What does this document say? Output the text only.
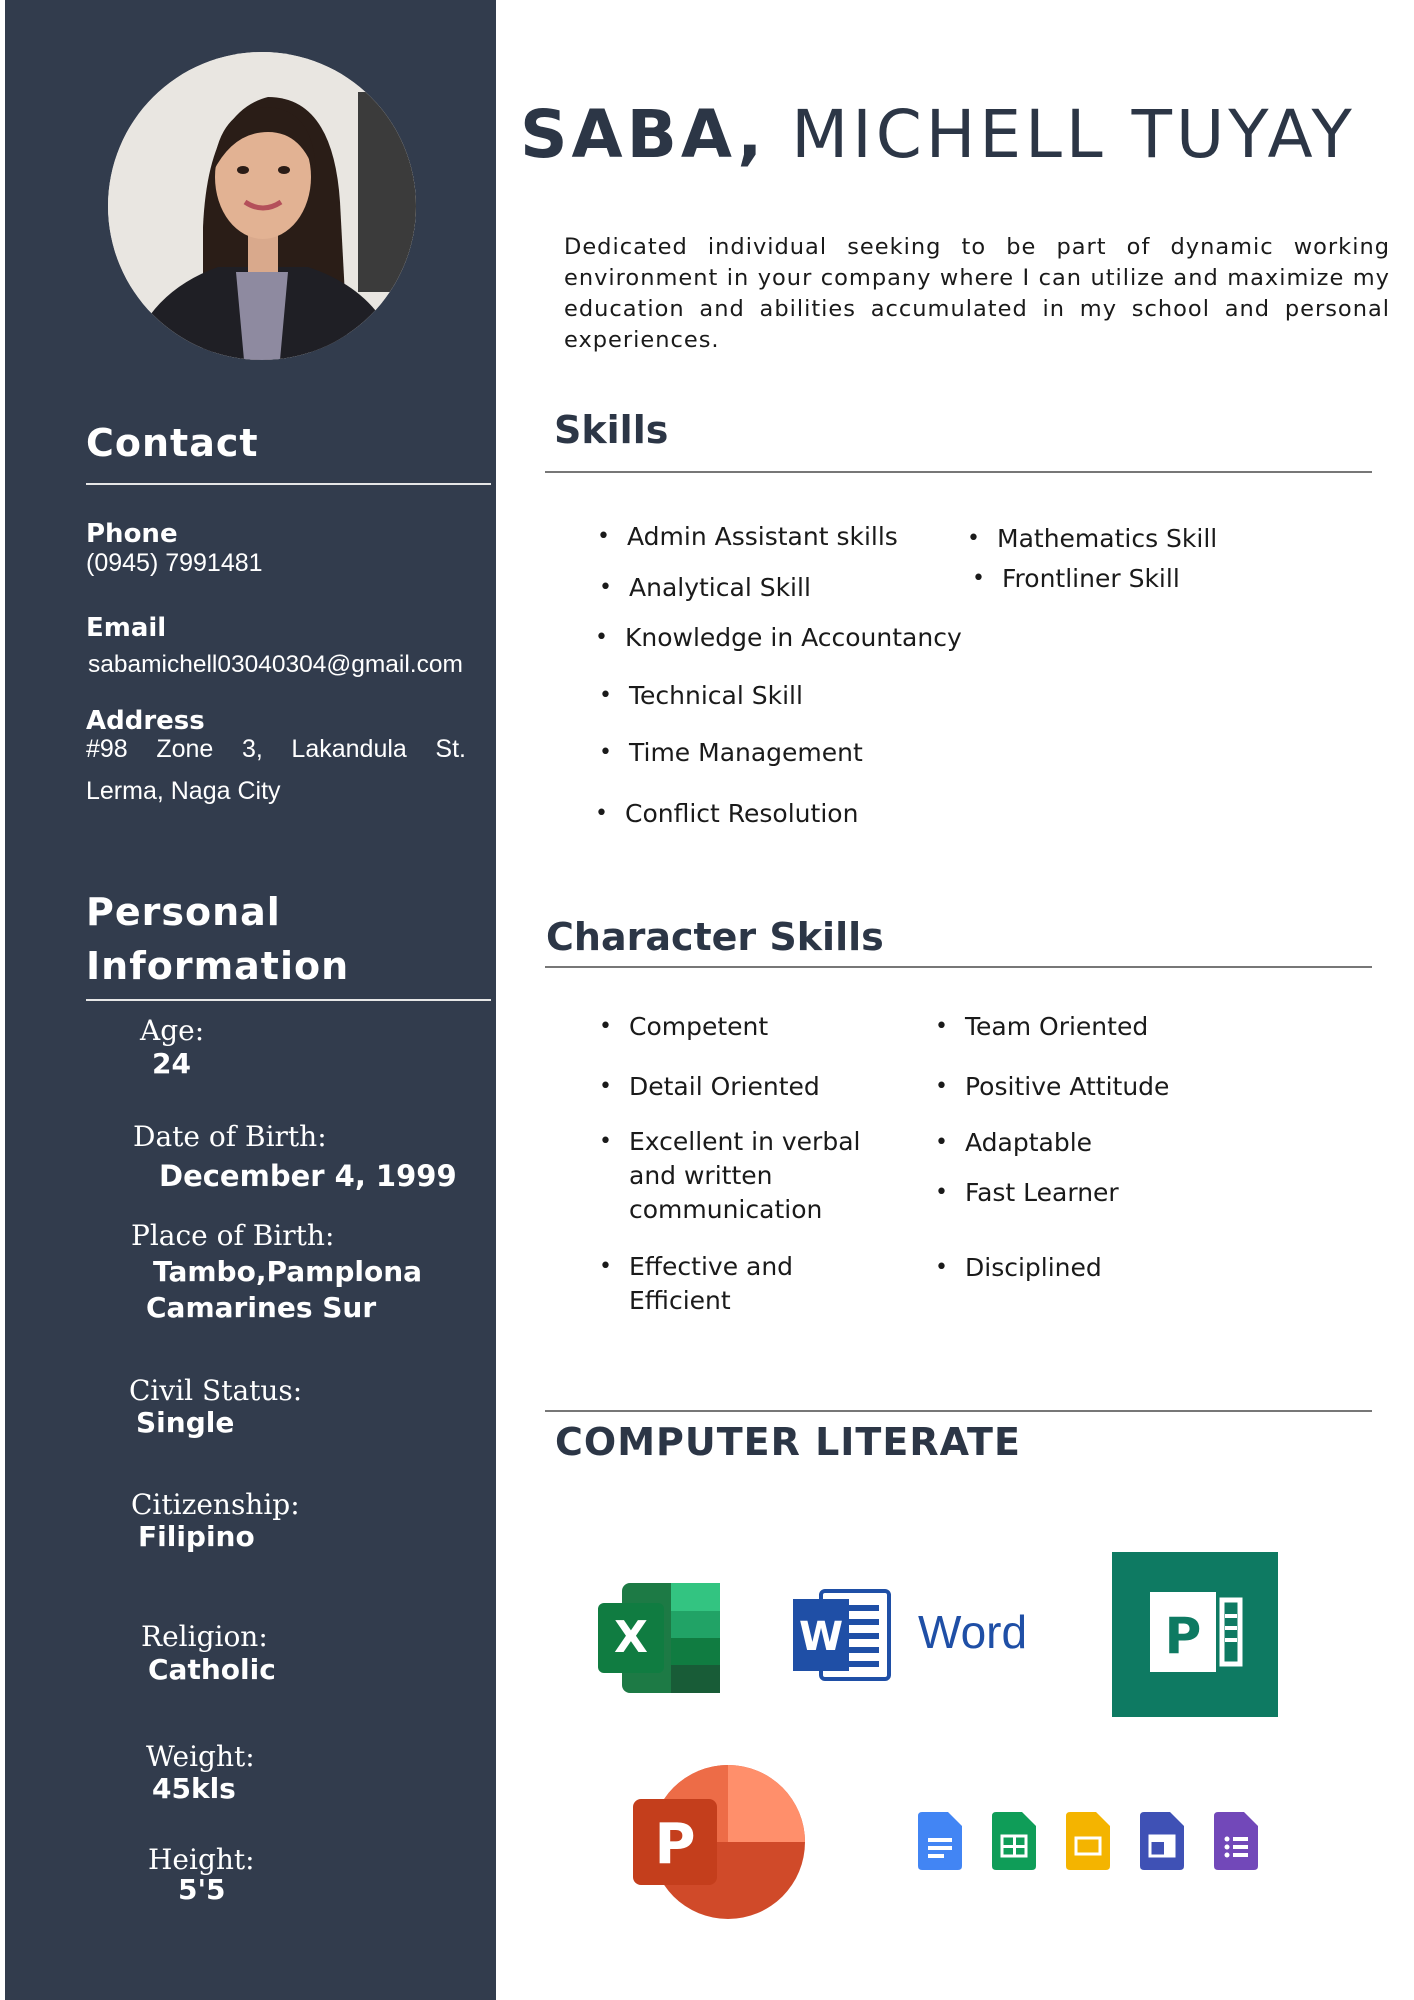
Contact
Phone
(0945) 7991481
Email
sabamichell03040304@gmail.com
Address
#98 Zone 3, Lakandula St.
Lerma, Naga City
Personal
Information
Age:
24
Date of Birth:
December 4, 1999
Place of Birth:
Tambo,Pamplona
Camarines Sur
Civil Status:
Single
Citizenship:
Filipino
Religion:
Catholic
Weight:
45kls
Height:
5'5
SABA, MICHELL TUYAY
Dedicated individual seeking to be part of dynamic working environment in your company where I can utilize and maximize my education and abilities accumulated in my school and personal experiences.
Skills
• Admin Assistant skills
• Analytical Skill
• Knowledge in Accountancy
• Technical Skill
• Time Management
• Conflict Resolution
• Mathematics Skill
• Frontliner Skill
Character Skills
• Competent
• Detail Oriented
• Excellent in verbal and written communication
• Effective and Efficient
• Team Oriented
• Positive Attitude
• Adaptable
• Fast Learner
• Disciplined
COMPUTER LITERATE
X	W Word	P
P
